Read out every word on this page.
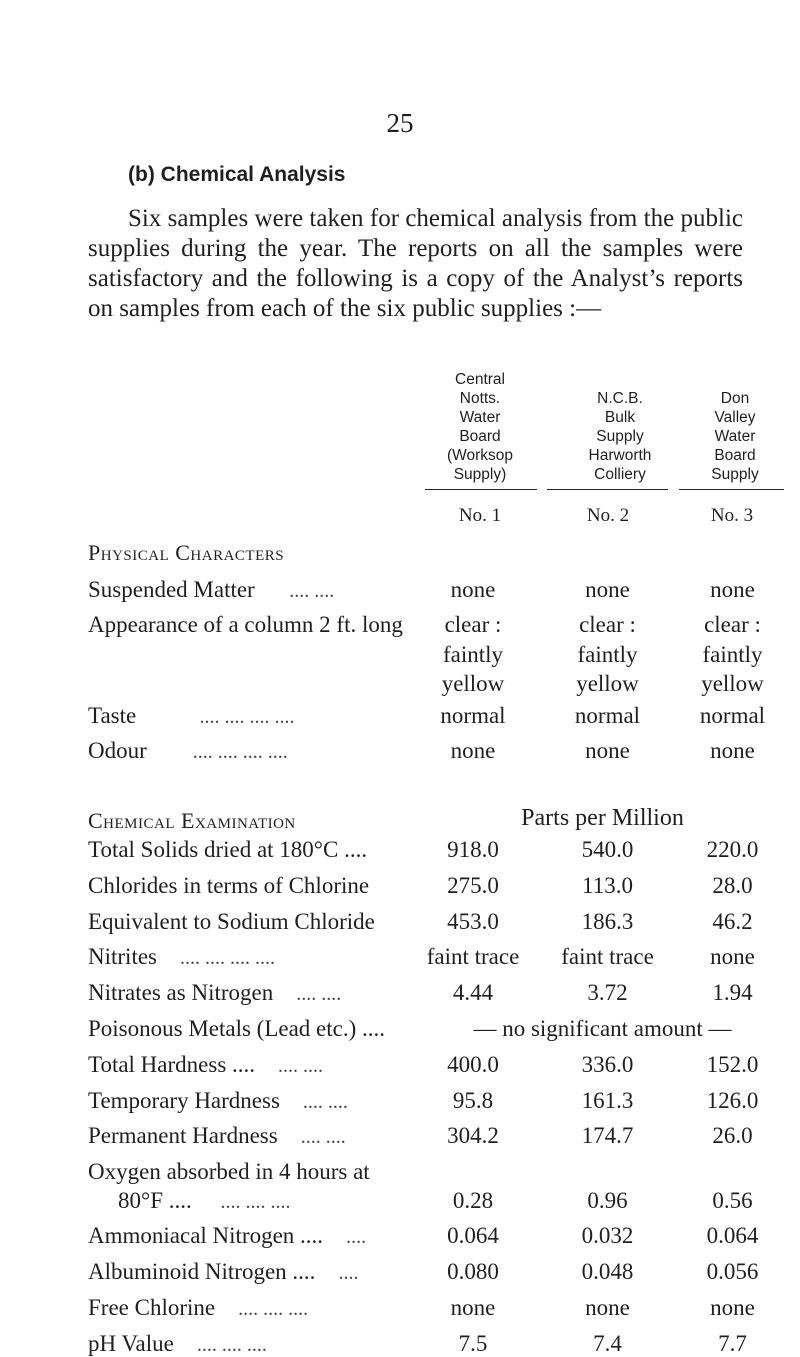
25
(b) Chemical Analysis
Six samples were taken for chemical analysis from the public supplies during the year. The reports on all the samples were satisfactory and the following is a copy of the Analyst’s reports on samples from each of the six public supplies :—
Central
Notts.
Water
Board
(Worksop
Supply)
N.C.B.
Bulk
Supply
Harworth
Colliery
Don
Valley
Water
Board
Supply
No. 1	No. 2	No. 3
Physical Characters
Suspended Matter .... ....	none	none	none
Appearance of a column 2 ft. long	clear :	clear :	clear :
faintly	faintly	faintly
yellow	yellow	yellow
Taste	.... .... .... ....	normal	normal	normal
Odour .... .... .... ....	none	none	none
Chemical Examination	Parts per Million
Total Solids dried at 180°C ....	918.0	540.0	220.0
Chlorides in terms of Chlorine	275.0	113.0	28.0
Equivalent to Sodium Chloride	453.0	186.3	46.2
Nitrites .... .... .... ....	faint trace	faint trace	none
Nitrates as Nitrogen .... ....	4.44	3.72	1.94
Poisonous Metals (Lead etc.) ....	— no significant amount —
Total Hardness .... .... ....	400.0	336.0	152.0
Temporary Hardness .... ....	95.8	161.3	126.0
Permanent Hardness .... ....	304.2	174.7	26.0
Oxygen absorbed in 4 hours at
80°F .... .... .... ....	0.28	0.96	0.56
Ammoniacal Nitrogen .... ....	0.064	0.032	0.064
Albuminoid Nitrogen .... ....	0.080	0.048	0.056
Free Chlorine .... .... ....	none	none	none
pH Value .... .... ....	7.5	7.4	7.7
